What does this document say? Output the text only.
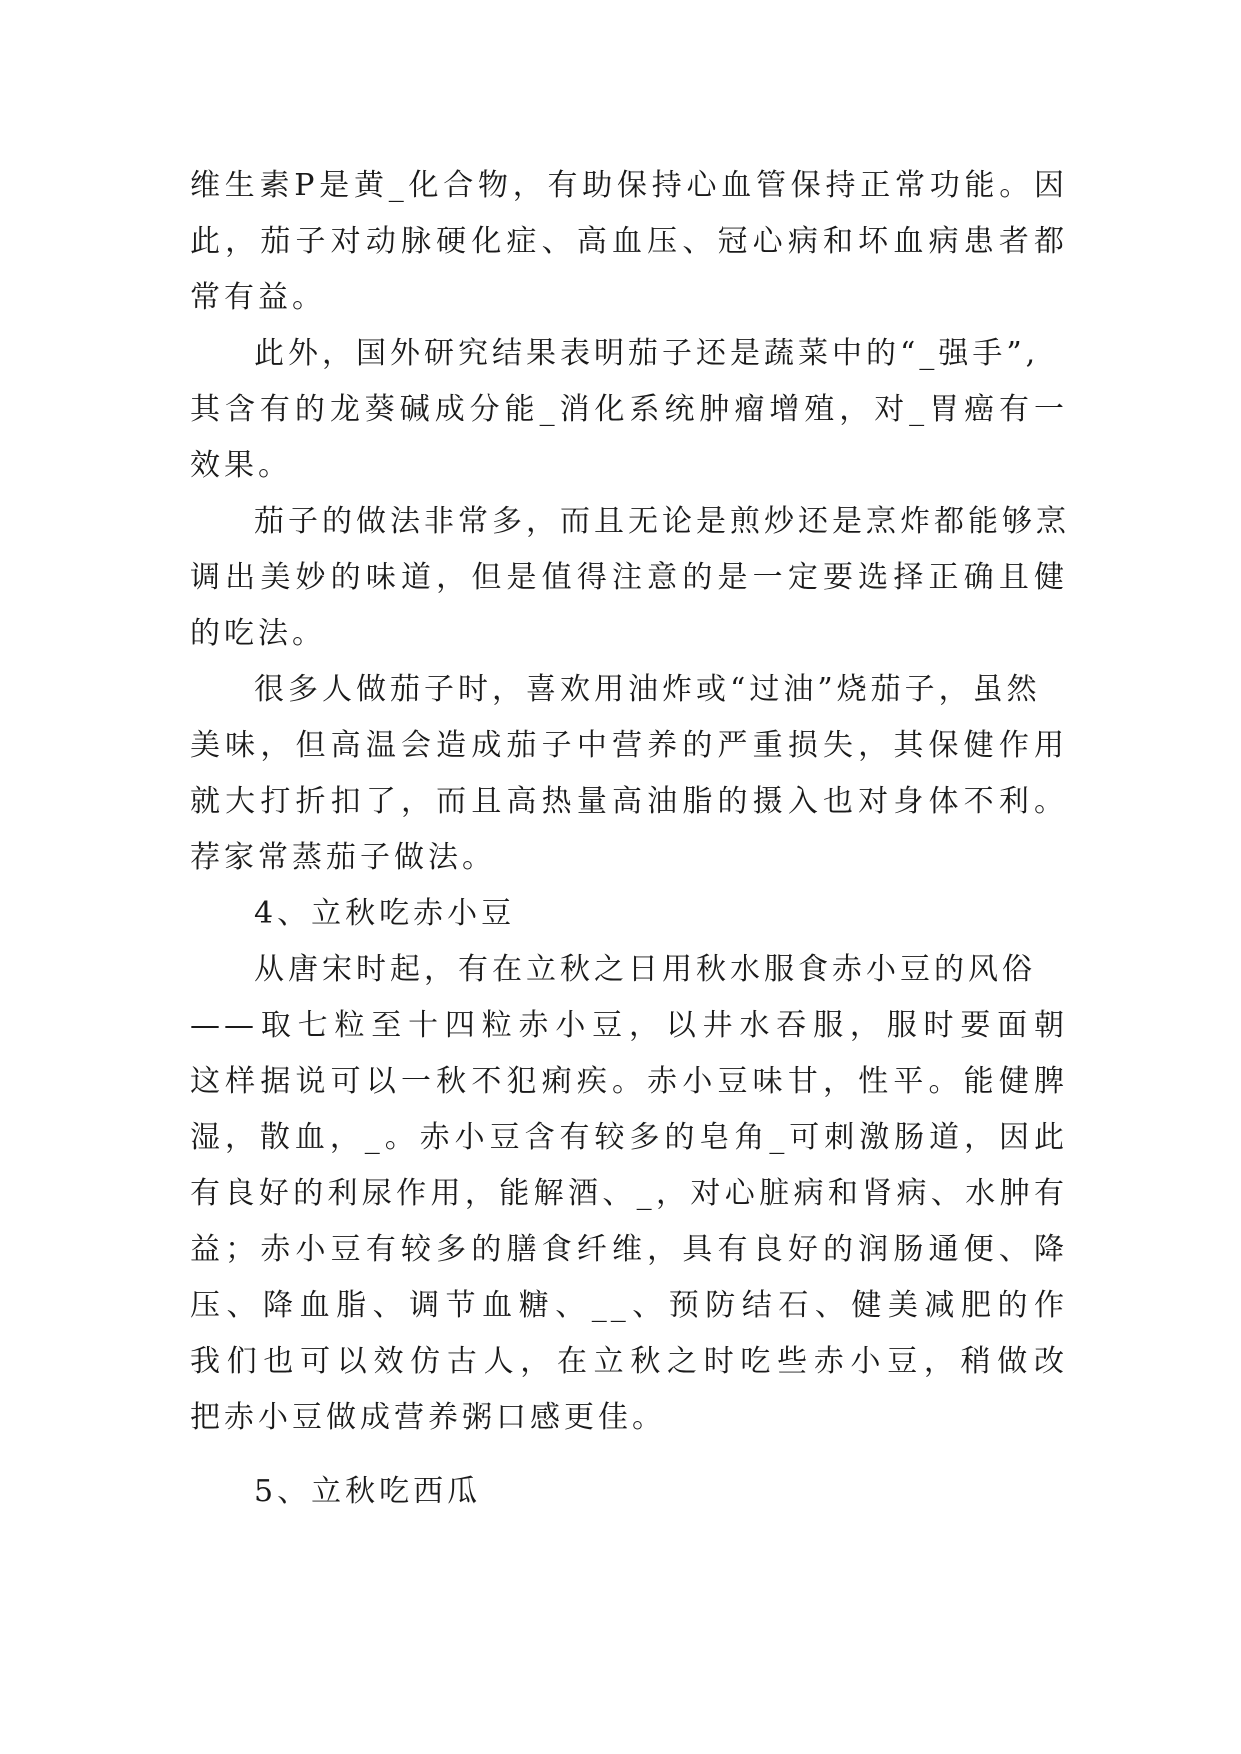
维生素P是黄_化合物，有助保持心血管保持正常功能。因
此，茄子对动脉硬化症、高血压、冠心病和坏血病患者都
常有益。
此外，国外研究结果表明茄子还是蔬菜中的“_强手”,
其含有的龙葵碱成分能_消化系统肿瘤增殖，对_胃癌有一
效果。
茄子的做法非常多，而且无论是煎炒还是烹炸都能够烹
调出美妙的味道，但是值得注意的是一定要选择正确且健
的吃法。
很多人做茄子时，喜欢用油炸或“过油”烧茄子，虽然
美味，但高温会造成茄子中营养的严重损失，其保健作用
就大打折扣了，而且高热量高油脂的摄入也对身体不利。
荐家常蒸茄子做法。
4、立秋吃赤小豆
从唐宋时起，有在立秋之日用秋水服食赤小豆的风俗
——取七粒至十四粒赤小豆，以井水吞服，服时要面朝
这样据说可以一秋不犯痢疾。赤小豆味甘，性平。能健脾
湿，散血，_。赤小豆含有较多的皂角_可刺激肠道，因此
有良好的利尿作用，能解酒、_，对心脏病和肾病、水肿有
益；赤小豆有较多的膳食纤维，具有良好的润肠通便、降
压、降血脂、调节血糖、__、预防结石、健美减肥的作
我们也可以效仿古人，在立秋之时吃些赤小豆，稍做改
把赤小豆做成营养粥口感更佳。
5、立秋吃西瓜
